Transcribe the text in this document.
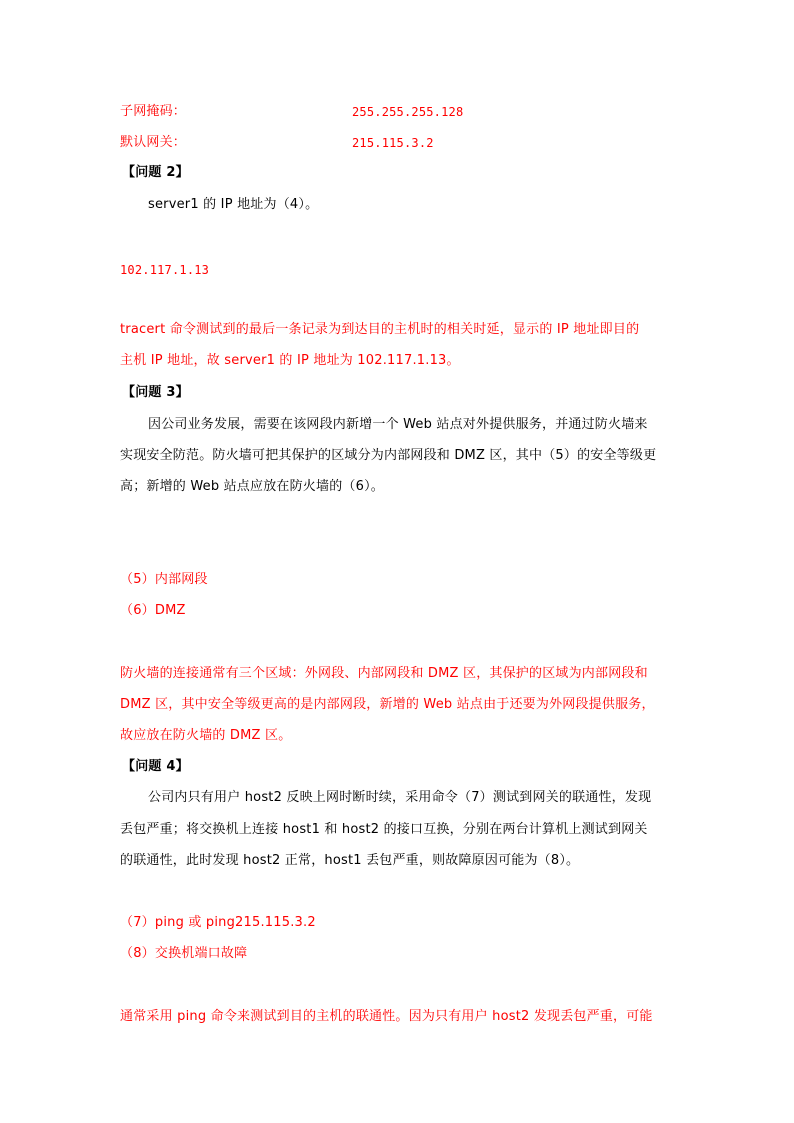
子网掩码：	255.255.255.128
默认网关：	215.115.3.2
【问题 2】
server1 的 IP 地址为（4）。
102.117.1.13
tracert 命令测试到的最后一条记录为到达目的主机时的相关时延，显示的 IP 地址即目的
主机 IP 地址，故 server1 的 IP 地址为 102.117.1.13。
【问题 3】
因公司业务发展，需要在该网段内新增一个 Web 站点对外提供服务，并通过防火墙来
实现安全防范。防火墙可把其保护的区域分为内部网段和 DMZ 区，其中（5）的安全等级更
高；新增的 Web 站点应放在防火墙的（6）。
（5）内部网段
（6）DMZ
防火墙的连接通常有三个区域：外网段、内部网段和 DMZ 区，其保护的区域为内部网段和
DMZ 区，其中安全等级更高的是内部网段，新增的 Web 站点由于还要为外网段提供服务，
故应放在防火墙的 DMZ 区。
【问题 4】
公司内只有用户 host2 反映上网时断时续，采用命令（7）测试到网关的联通性，发现
丢包严重；将交换机上连接 host1 和 host2 的接口互换，分别在两台计算机上测试到网关
的联通性，此时发现 host2 正常，host1 丢包严重，则故障原因可能为（8）。
（7）ping 或 ping215.115.3.2
（8）交换机端口故障
通常采用 ping 命令来测试到目的主机的联通性。因为只有用户 host2 发现丢包严重，可能
